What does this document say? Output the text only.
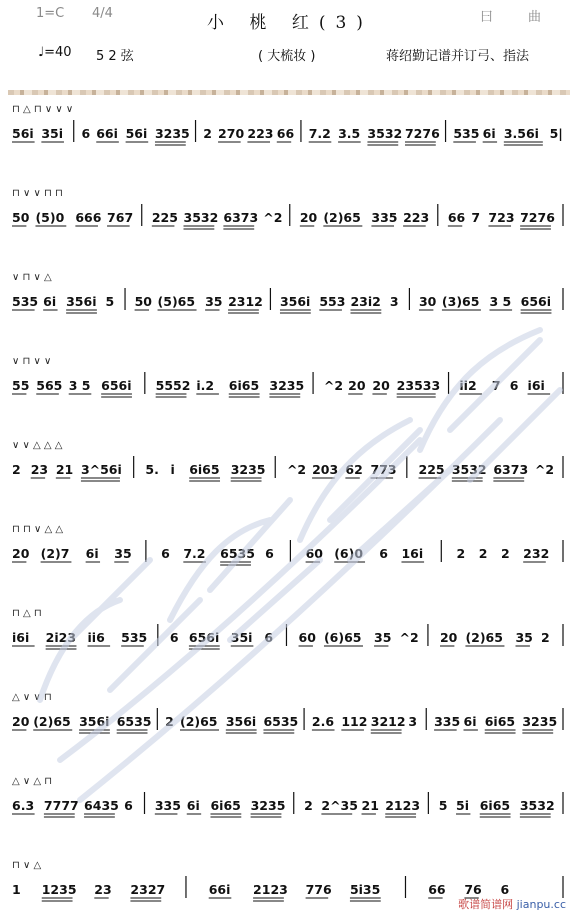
1=C 4/4	小 桃 红(3)	曰	曲
♩=40 5 2 弦	( 大梳妆 )	蒋绍勤记谱并订弓、指法
⊓ △ ⊓ ∨ ∨ ∨
56i 35i 6 66i 56i 3235 2 270 223 66 7.2 3.5 3532 7276 535 6i 3.56i 5|
⊓ ∨ ∨ ⊓ ⊓
50 (5)0 666 767 225 3532 6373 ^2 20 (2)65 335 223 66 7 723 7276
∨ ⊓ ∨ △
535 6i 356i 5 50 (5)65 35 2312 356i 553 23i2 3 30 (3)65 3 5 656i
∨ ⊓ ∨ ∨
55 565 3 5 656i 5552 i.2 6i65 3235 ^2 20 20 23533 ii2 7 6 i6i
∨ ∨ △ △ △
2 23 21 3^56i 5. i 6i65 3235 ^2 203 62 773 225 3532 6373 ^2
⊓ ⊓ ∨ △ △
20 (2)7 6i 35 6 7.2 6535 6	60 (6)0 6 16i	2 2 2 232
⊓ △ ⊓
i6i 2i23 ii6 535 6 656i 35i 6 60 (6)65 35 ^2 20 (2)65 35 2
△ ∨ ∨ ⊓
20 (2)65 356i 6535 2 (2)65 356i 6535 2.6 112 3212 3 335 6i 6i65 3235
△ ∨ △ ⊓
6.3 7777 6435 6 335 6i 6i65 3235 2 2^35 21 2123 5 5i 6i65 3532
⊓ ∨ △
1 1235 23 2327	66i 2123 776 5i35	66 76 6
歌谱简谱网 jianpu.cc
